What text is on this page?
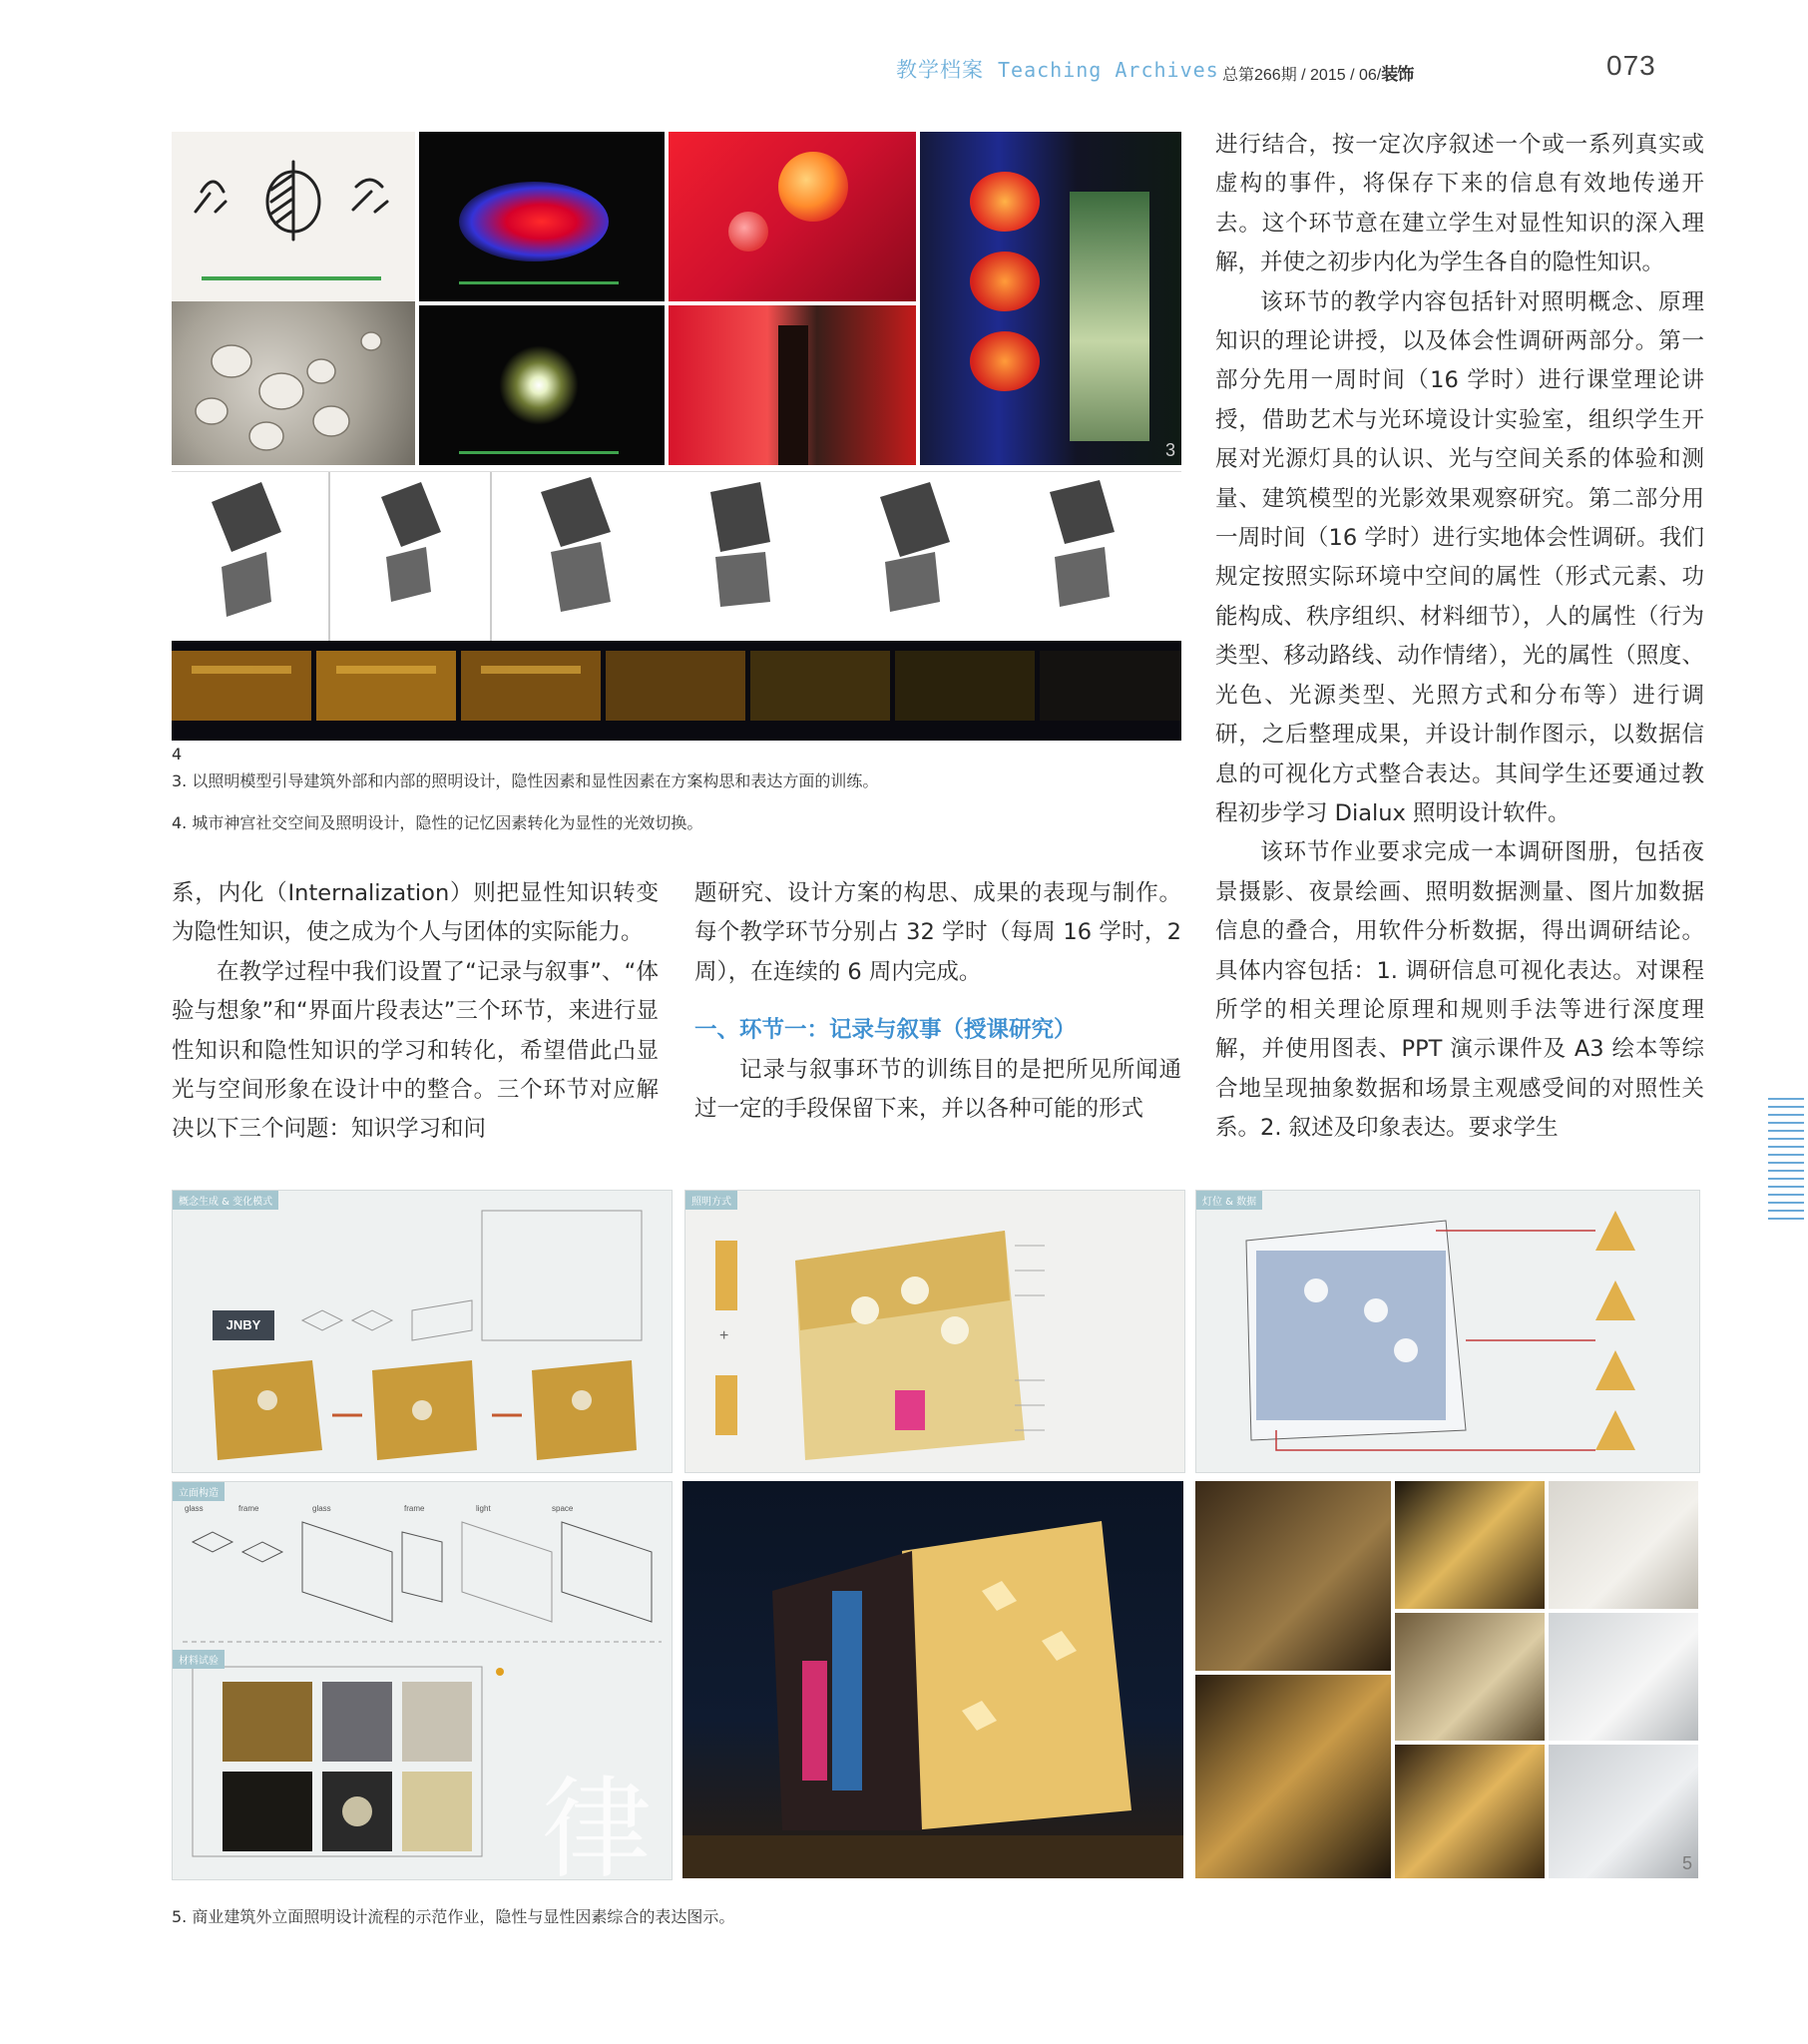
教学档案 Teaching Archives 总第266期 / 2015 / 06/装饰	073
3
4
3. 以照明模型引导建筑外部和内部的照明设计，隐性因素和显性因素在方案构思和表达方面的训练。
4. 城市神宫社交空间及照明设计，隐性的记忆因素转化为显性的光效切换。

进行结合，按一定次序叙述一个或一系列真实或虚构的事件，将保存下来的信息有效地传递开去。这个环节意在建立学生对显性知识的深入理解，并使之初步内化为学生各自的隐性知识。

该环节的教学内容包括针对照明概念、原理知识的理论讲授，以及体会性调研两部分。第一部分先用一周时间（16 学时）进行课堂理论讲授，借助艺术与光环境设计实验室，组织学生开展对光源灯具的认识、光与空间关系的体验和测量、建筑模型的光影效果观察研究。第二部分用一周时间（16 学时）进行实地体会性调研。我们规定按照实际环境中空间的属性（形式元素、功能构成、秩序组织、材料细节），人的属性（行为类型、移动路线、动作情绪），光的属性（照度、光色、光源类型、光照方式和分布等）进行调研，之后整理成果，并设计制作图示，以数据信息的可视化方式整合表达。其间学生还要通过教程初步学习 Dialux 照明设计软件。

该环节作业要求完成一本调研图册，包括夜景摄影、夜景绘画、照明数据测量、图片加数据信息的叠合，用软件分析数据，得出调研结论。具体内容包括：1. 调研信息可视化表达。对课程所学的相关理论原理和规则手法等进行深度理解，并使用图表、PPT 演示课件及 A3 绘本等综合地呈现抽象数据和场景主观感受间的对照性关系。2. 叙述及印象表达。要求学生

系，内化（Internalization）则把显性知识转变为隐性知识，使之成为个人与团体的实际能力。

在教学过程中我们设置了“记录与叙事”、“体验与想象”和“界面片段表达”三个环节，来进行显性知识和隐性知识的学习和转化，希望借此凸显光与空间形象在设计中的整合。三个环节对应解决以下三个问题：知识学习和问

题研究、设计方案的构思、成果的表现与制作。每个教学环节分别占 32 学时（每周 16 学时，2 周），在连续的 6 周内完成。

一、环节一：记录与叙事（授课研究）

记录与叙事环节的训练目的是把所见所闻通过一定的手段保留下来，并以各种可能的形式

概念生成 & 变化模式
JNBY
照明方式
+
灯位 & 数据
立面构造
glass	frame	glass	frame	light	space
材料试验
律	5
5. 商业建筑外立面照明设计流程的示范作业，隐性与显性因素综合的表达图示。
